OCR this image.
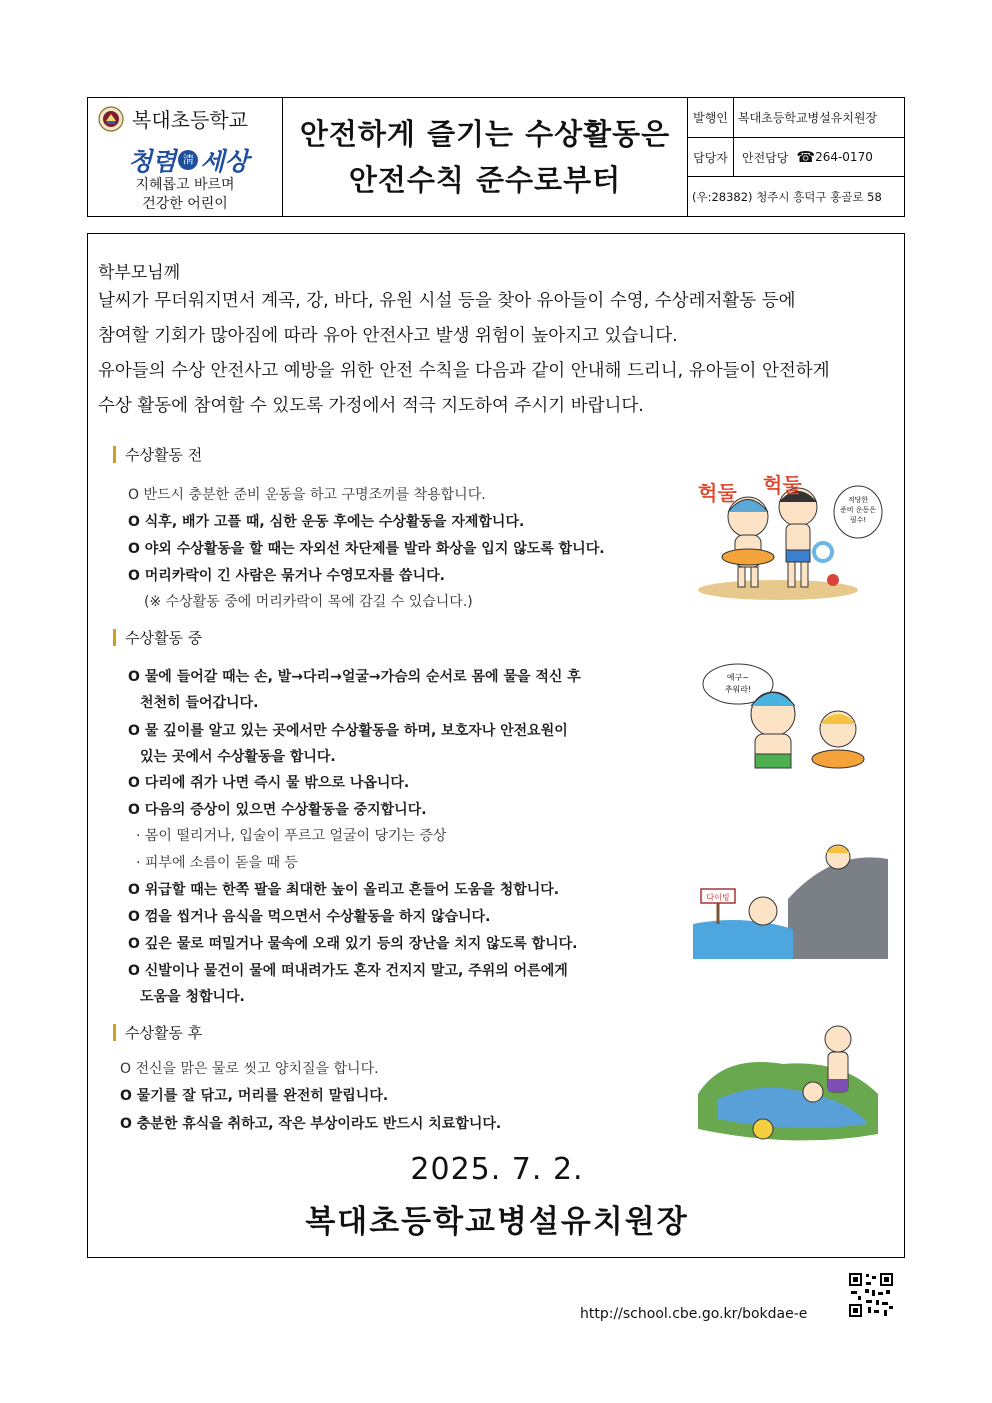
복대초등학교
청렴 淸 세상
지혜롭고 바르며
건강한 어린이
안전하게 즐기는 수상활동은
안전수칙 준수로부터
발행인 복대초등학교병설유치원장
담당자	안전담당 ☎ 264-0170
(우:28382) 청주시 흥덕구 홍골로 58
학부모님께
날씨가 무더워지면서 계곡, 강, 바다, 유원 시설 등을 찾아 유아들이 수영, 수상레저활동 등에
참여할 기회가 많아짐에 따라 유아 안전사고 발생 위험이 높아지고 있습니다.
유아들의 수상 안전사고 예방을 위한 안전 수칙을 다음과 같이 안내해 드리니, 유아들이 안전하게
수상 활동에 참여할 수 있도록 가정에서 적극 지도하여 주시기 바랍니다.
수상활동 전
O 반드시 충분한 준비 운동을 하고 구명조끼를 착용합니다.
O 식후, 배가 고플 때, 심한 운동 후에는 수상활동을 자제합니다.
O 야외 수상활동을 할 때는 자외선 차단제를 발라 화상을 입지 않도록 합니다.
O 머리카락이 긴 사람은 묶거나 수영모자를 씁니다.
(※ 수상활동 중에 머리카락이 목에 감길 수 있습니다.)
헉둘 헉둘
적당한
준비 운동은
필수!
수상활동 중
O 물에 들어갈 때는 손, 발→다리→얼굴→가슴의 순서로 몸에 물을 적신 후
천천히 들어갑니다.
O 물 깊이를 알고 있는 곳에서만 수상활동을 하며, 보호자나 안전요원이
있는 곳에서 수상활동을 합니다.
O 다리에 쥐가 나면 즉시 물 밖으로 나옵니다.
O 다음의 증상이 있으면 수상활동을 중지합니다.
· 몸이 떨리거나, 입술이 푸르고 얼굴이 당기는 증상
· 피부에 소름이 돋을 때 등
O 위급할 때는 한쪽 팔을 최대한 높이 올리고 흔들어 도움을 청합니다.
O 껌을 씹거나 음식을 먹으면서 수상활동을 하지 않습니다.
O 깊은 물로 떠밀거나 물속에 오래 있기 등의 장난을 치지 않도록 합니다.
O 신발이나 물건이 물에 떠내려가도 혼자 건지지 말고, 주위의 어른에게
도움을 청합니다.
에구~
추워라!
다이빙
수상활동 후
O 전신을 맑은 물로 씻고 양치질을 합니다.
O 물기를 잘 닦고, 머리를 완전히 말립니다.
O 충분한 휴식을 취하고, 작은 부상이라도 반드시 치료합니다.
2025. 7. 2.
복대초등학교병설유치원장
http://school.cbe.go.kr/bokdae-e
